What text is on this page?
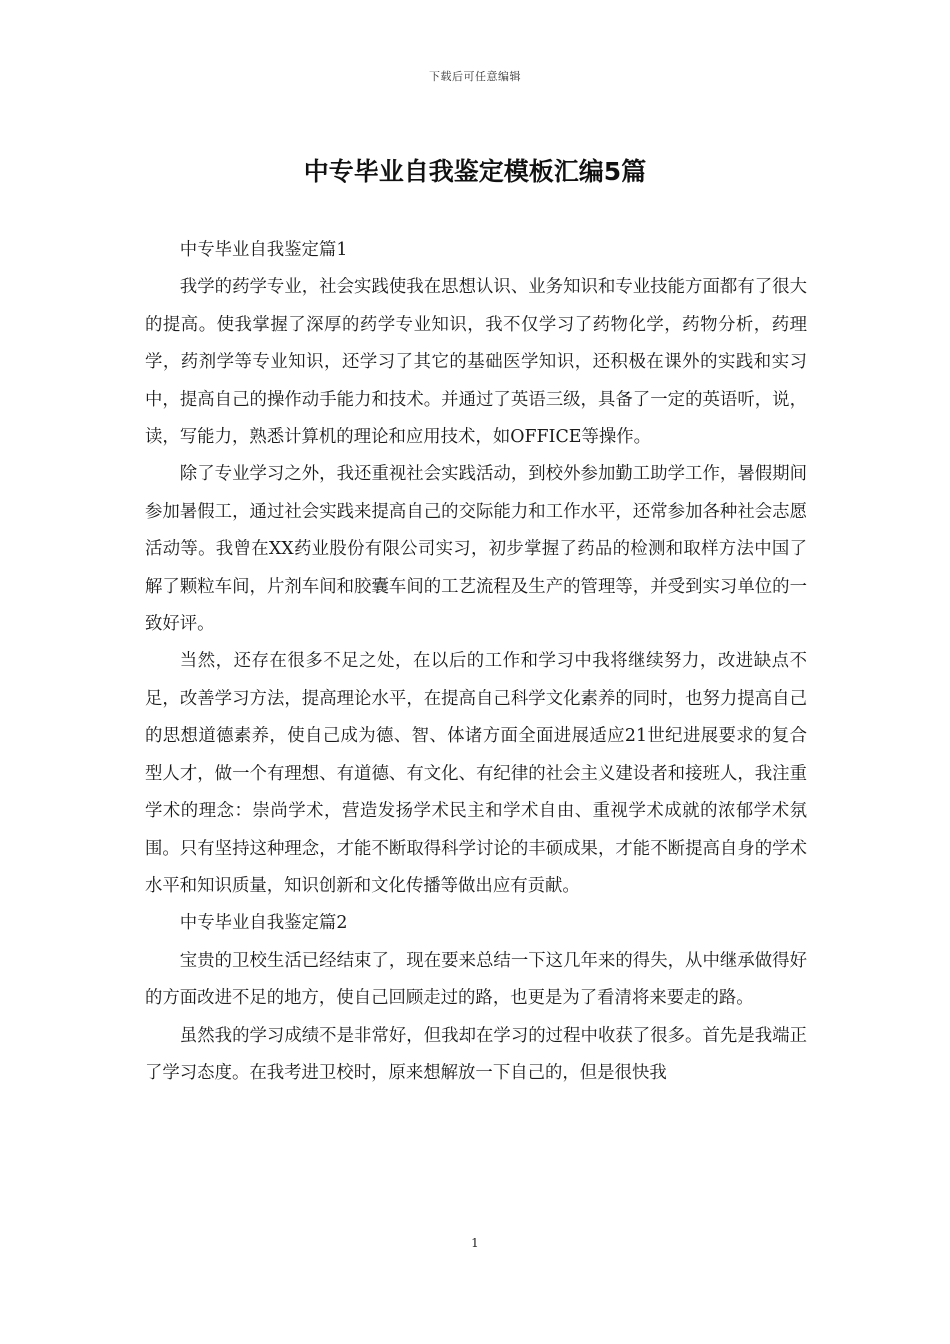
下载后可任意编辑
中专毕业自我鉴定模板汇编5篇

中专毕业自我鉴定篇1

我学的药学专业，社会实践使我在思想认识、业务知识和专业技能方面都有了很大的提高。使我掌握了深厚的药学专业知识，我不仅学习了药物化学，药物分析，药理学，药剂学等专业知识，还学习了其它的基础医学知识，还积极在课外的实践和实习中，提高自己的操作动手能力和技术。并通过了英语三级，具备了一定的英语听，说，读，写能力，熟悉计算机的理论和应用技术，如OFFICE等操作。

除了专业学习之外，我还重视社会实践活动，到校外参加勤工助学工作，暑假期间参加暑假工，通过社会实践来提高自己的交际能力和工作水平，还常参加各种社会志愿活动等。我曾在XX药业股份有限公司实习，初步掌握了药品的检测和取样方法中国了解了颗粒车间，片剂车间和胶囊车间的工艺流程及生产的管理等，并受到实习单位的一致好评。

当然，还存在很多不足之处，在以后的工作和学习中我将继续努力，改进缺点不足，改善学习方法，提高理论水平，在提高自己科学文化素养的同时，也努力提高自己的思想道德素养，使自己成为德、智、体诸方面全面进展适应21世纪进展要求的复合型人才，做一个有理想、有道德、有文化、有纪律的社会主义建设者和接班人，我注重学术的理念：崇尚学术，营造发扬学术民主和学术自由、重视学术成就的浓郁学术氛围。只有坚持这种理念，才能不断取得科学讨论的丰硕成果，才能不断提高自身的学术水平和知识质量，知识创新和文化传播等做出应有贡献。

中专毕业自我鉴定篇2

宝贵的卫校生活已经结束了，现在要来总结一下这几年来的得失，从中继承做得好的方面改进不足的地方，使自己回顾走过的路，也更是为了看清将来要走的路。

虽然我的学习成绩不是非常好，但我却在学习的过程中收获了很多。首先是我端正了学习态度。在我考进卫校时，原来想解放一下自己的，但是很快我

1
